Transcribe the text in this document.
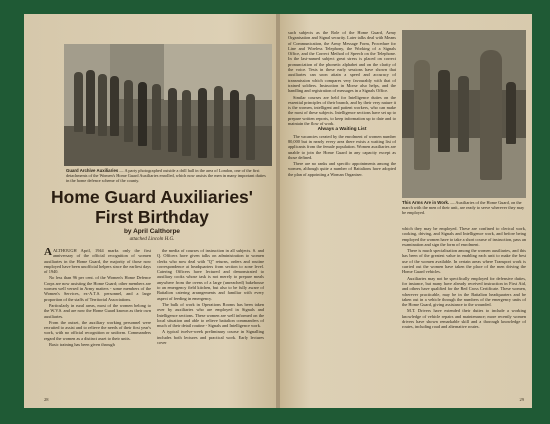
Guard Archive Auxiliaries — A party photographed outside a drill hall in the area of London, one of the first detachments of the Women's Home Guard Auxiliaries enrolled, which now assists the men in many important duties in the home defence scheme of the county.
Home Guard Auxiliaries'
First Birthday
by April Calthorpe
attached Lincoln H.G.

AALTHOUGH April, 1944 marks only the first anniversary of the official recognition of women auxiliaries in the Home Guard, the majority of those now employed have been unofficial helpers since the earliest days of 1940.

No less than 96 per cent. of the Women's Home Defence Corps are now assisting the Home Guard; other members are women well versed in Army matters - some members of the Women's Services, ex-A.T.S. personnel, and a large proportion of the staffs of Territorial Associations.

Particularly in rural areas, most of the women belong to the W.V.S. and are now the Home Guard known as their own auxiliaries.

From the outset, the auxiliary working personnel were recruited to assist and to relieve the needs of their first year's work, with no official recognition or uniform. Commanders regard the women as a distinct asset to their units.

Basic training has been given through

the media of courses of instruction in all subjects. S. and Q. Officers have given talks on administration to women clerks who now deal with "Q" returns, orders and routine correspondence at headquarters from section to zone level. Catering Officers have lectured and demonstrated to auxiliary cooks whose task is not merely to prepare meals anywhere from the ovens of a large (unreached) bakehouse to an emergency field kitchen, but also to be fully aware of Battalion catering arrangements and familiar with every aspect of feeding in emergency.

The bulk of work in Operations Rooms has been taken over by auxiliaries who are employed in Signals and Intelligence sections. These women are well informed on the local situation and able to relieve battalion commanders of much of their detail routine - Signals and Intelligence work.

A typical twelve-week preliminary course in Signalling includes both lectures and practical work. Early lectures cover

28
This Arms Are in Work. — Auxiliaries of the Home Guard, on the march with the men of their unit, are ready to serve wherever they may be employed.

such subjects as the Role of the Home Guard, Army Organisation and Signal security. Later talks deal with Means of Communication, the Army Message Form, Procedure for Line and Wireless Telephony, the Working of a Signals Office, and the Correct Method of Speech on the Telephone. In the last-named subject great stress is placed on correct pronunciation of the phonetic alphabet and on the clarity of the voice. Tests in these early sessions have shown that auxiliaries can soon attain a speed and accuracy of transmission which compares very favourably with that of trained soldiers. Instruction in Morse also helps, and the handling and registration of messages in a Signals Office.

Similar courses are held for Intelligence duties on the essential principles of their branch, and by their very nature it is the women, intelligent and patient workers, who can make the most of these subjects. Intelligence sections have set up to prepare written reports, to keep information up to date and to maintain the flow of work.

Always a Waiting List

The vacancies created by the enrolment of women number 80,000 but in nearly every area there exists a waiting list of applicants from the female population. Women auxiliaries are unable to join the Home Guard in any capacity except as those defined.

There are no ranks and specific appointments among the women, although quite a number of Battalions have adopted the plan of appointing a Woman Organiser.

which they may be employed. These are confined to clerical work, cooking, driving, and Signals and Intelligence work, and before being employed the women have to take a short course of instruction, pass an examination and sign the form of enrolment.

There is much specialisation among the women auxiliaries, and this has been of the greatest value in enabling each unit to make the best use of the women available. In certain areas where Transport work is carried out the women have taken the place of the men driving the Home Guard vehicles.

Auxiliaries may not be specifically employed for defensive duties, for instance, but many have already received instruction in First Aid, and others have qualified for the Red Cross Certificate. These women, wherever practicable, may be in the Battalion headquarters and be taken out in a vehicle through the numbers of the emergency units of the Home Guard, giving assistance to the wounded.

M.T. Drivers have extended their duties to include a working knowledge of vehicle repairs and maintenance; more recently women drivers have shown remarkable skill and a thorough knowledge of routes, including road and alternative routes.

29
